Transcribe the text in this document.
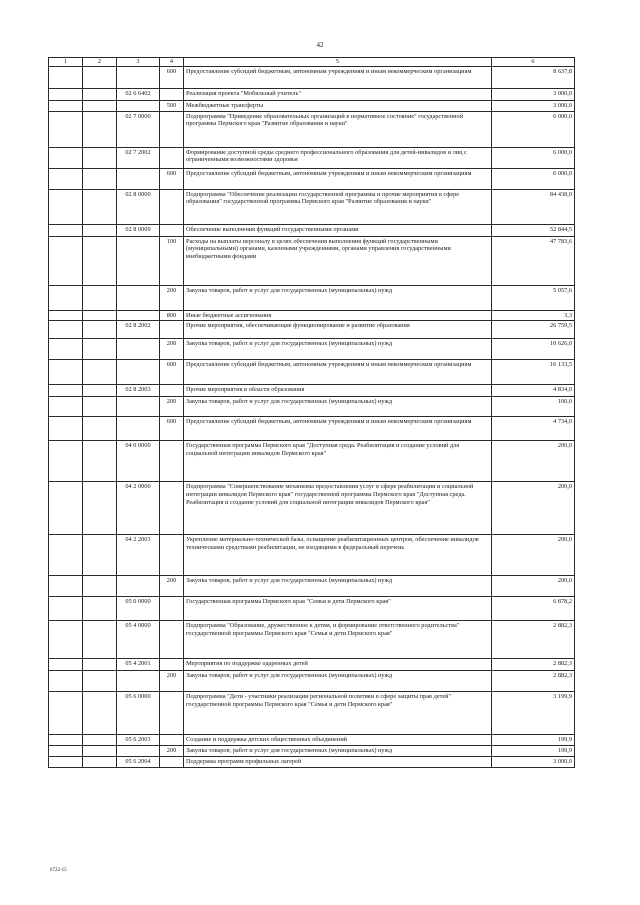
42
1	2	3	4	5	6
			600	Предоставление субсидий бюджетным, автономным учреждениям и иным некоммерческим организациям	8 637,8
		02 6 6402		Реализация проекта "Мобильный учитель"	3 000,0
			500	Межбюджетные трансферты	3 000,0
		02 7 0000		Подпрограмма "Приведение образовательных организаций в нормативное состояние" государственной программы Пермского края "Развитие образования и науки"	6 000,0
		02 7 2002		Формирование доступной среды среднего профессионального образования для детей-инвалидов и лиц с ограниченными возможностями здоровья	6 000,0
			600	Предоставление субсидий бюджетным, автономным учреждениям и иным некоммерческим организациям	6 000,0
		02 8 0000		Подпрограмма "Обеспечение реализации государственной программы и прочие мероприятия в сфере образования" государственной программы Пермского края "Развитие образования и науки"	84 438,0
		02 8 0009		Обеспечение выполнения функций государственными органами	52 844,5
			100	Расходы на выплаты персоналу в целях обеспечения выполнения функций государственными (муниципальными) органами, казенными учреждениями, органами управления государственными внебюджетными фондами	47 783,6
			200	Закупка товаров, работ и услуг для государственных (муниципальных) нужд	5 057,6
			800	Иные бюджетные ассигнования	3,3
		02 8 2002		Прочие мероприятия, обеспечивающие функционирование и развитие образования	26 759,5
			200	Закупка товаров, работ и услуг для государственных (муниципальных) нужд	10 626,0
			600	Предоставление субсидий бюджетным, автономным учреждениям и иным некоммерческим организациям	16 133,5
		02 8 2003		Прочие мероприятия в области образования	4 834,0
			200	Закупка товаров, работ и услуг для государственных (муниципальных) нужд	100,0
			600	Предоставление субсидий бюджетным, автономным учреждениям и иным некоммерческим организациям	4 734,0
		04 0 0000		Государственная программа Пермского края "Доступная среда. Реабилитация и создание условий для социальной интеграции инвалидов Пермского края"	200,0
		04 2 0000		Подпрограмма "Совершенствование механизма предоставления услуг в сфере реабилитации и социальной интеграции инвалидов Пермского края" государственной программы Пермского края "Доступная среда. Реабилитация и создание условий для социальной интеграции инвалидов Пермского края"	200,0
		04 2 2003		Укрепление материально-технической базы, оснащение реабилитационных центров, обеспечение инвалидов техническими средствами реабилитации, не входящими в федеральный перечень	200,0
			200	Закупка товаров, работ и услуг для государственных (муниципальных) нужд	200,0
		05 0 0000		Государственная программа Пермского края "Семья и дети Пермского края"	6 878,2
		05 4 0000		Подпрограмма "Образование, дружественное к детям, и формирование ответственного родительства" государственной программы Пермского края "Семья и дети Пермского края"	2 882,3
		05 4 2001		Мероприятия по поддержке одаренных детей	2 882,3
			200	Закупка товаров, работ и услуг для государственных (муниципальных) нужд	2 882,3
		05 6 0000		Подпрограмма "Дети - участники реализации региональной политики в сфере защиты прав детей" государственной программы Пермского края "Семья и дети Пермского края"	3 199,9
		05 6 2003		Создание и поддержка детских общественных объединений	199,9
			200	Закупка товаров, работ и услуг для государственных (муниципальных) нужд	199,9
		05 6 2004		Поддержка программ профильных лагерей	3 000,0
6722-15
